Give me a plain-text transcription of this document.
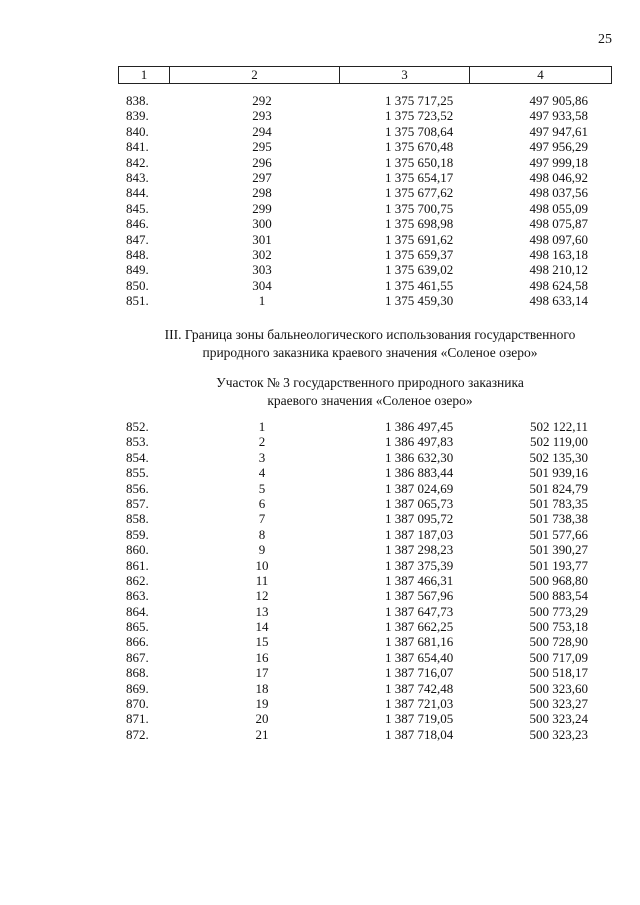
25
1	2	3	4
838.	292	1 375 717,25	497 905,86
839.	293	1 375 723,52	497 933,58
840.	294	1 375 708,64	497 947,61
841.	295	1 375 670,48	497 956,29
842.	296	1 375 650,18	497 999,18
843.	297	1 375 654,17	498 046,92
844.	298	1 375 677,62	498 037,56
845.	299	1 375 700,75	498 055,09
846.	300	1 375 698,98	498 075,87
847.	301	1 375 691,62	498 097,60
848.	302	1 375 659,37	498 163,18
849.	303	1 375 639,02	498 210,12
850.	304	1 375 461,55	498 624,58
851.	1	1 375 459,30	498 633,14
III. Граница зоны бальнеологического использования государственного
природного заказника краевого значения «Соленое озеро»
Участок № 3 государственного природного заказника
краевого значения «Соленое озеро»
852.	1	1 386 497,45	502 122,11
853.	2	1 386 497,83	502 119,00
854.	3	1 386 632,30	502 135,30
855.	4	1 386 883,44	501 939,16
856.	5	1 387 024,69	501 824,79
857.	6	1 387 065,73	501 783,35
858.	7	1 387 095,72	501 738,38
859.	8	1 387 187,03	501 577,66
860.	9	1 387 298,23	501 390,27
861.	10	1 387 375,39	501 193,77
862.	11	1 387 466,31	500 968,80
863.	12	1 387 567,96	500 883,54
864.	13	1 387 647,73	500 773,29
865.	14	1 387 662,25	500 753,18
866.	15	1 387 681,16	500 728,90
867.	16	1 387 654,40	500 717,09
868.	17	1 387 716,07	500 518,17
869.	18	1 387 742,48	500 323,60
870.	19	1 387 721,03	500 323,27
871.	20	1 387 719,05	500 323,24
872.	21	1 387 718,04	500 323,23
